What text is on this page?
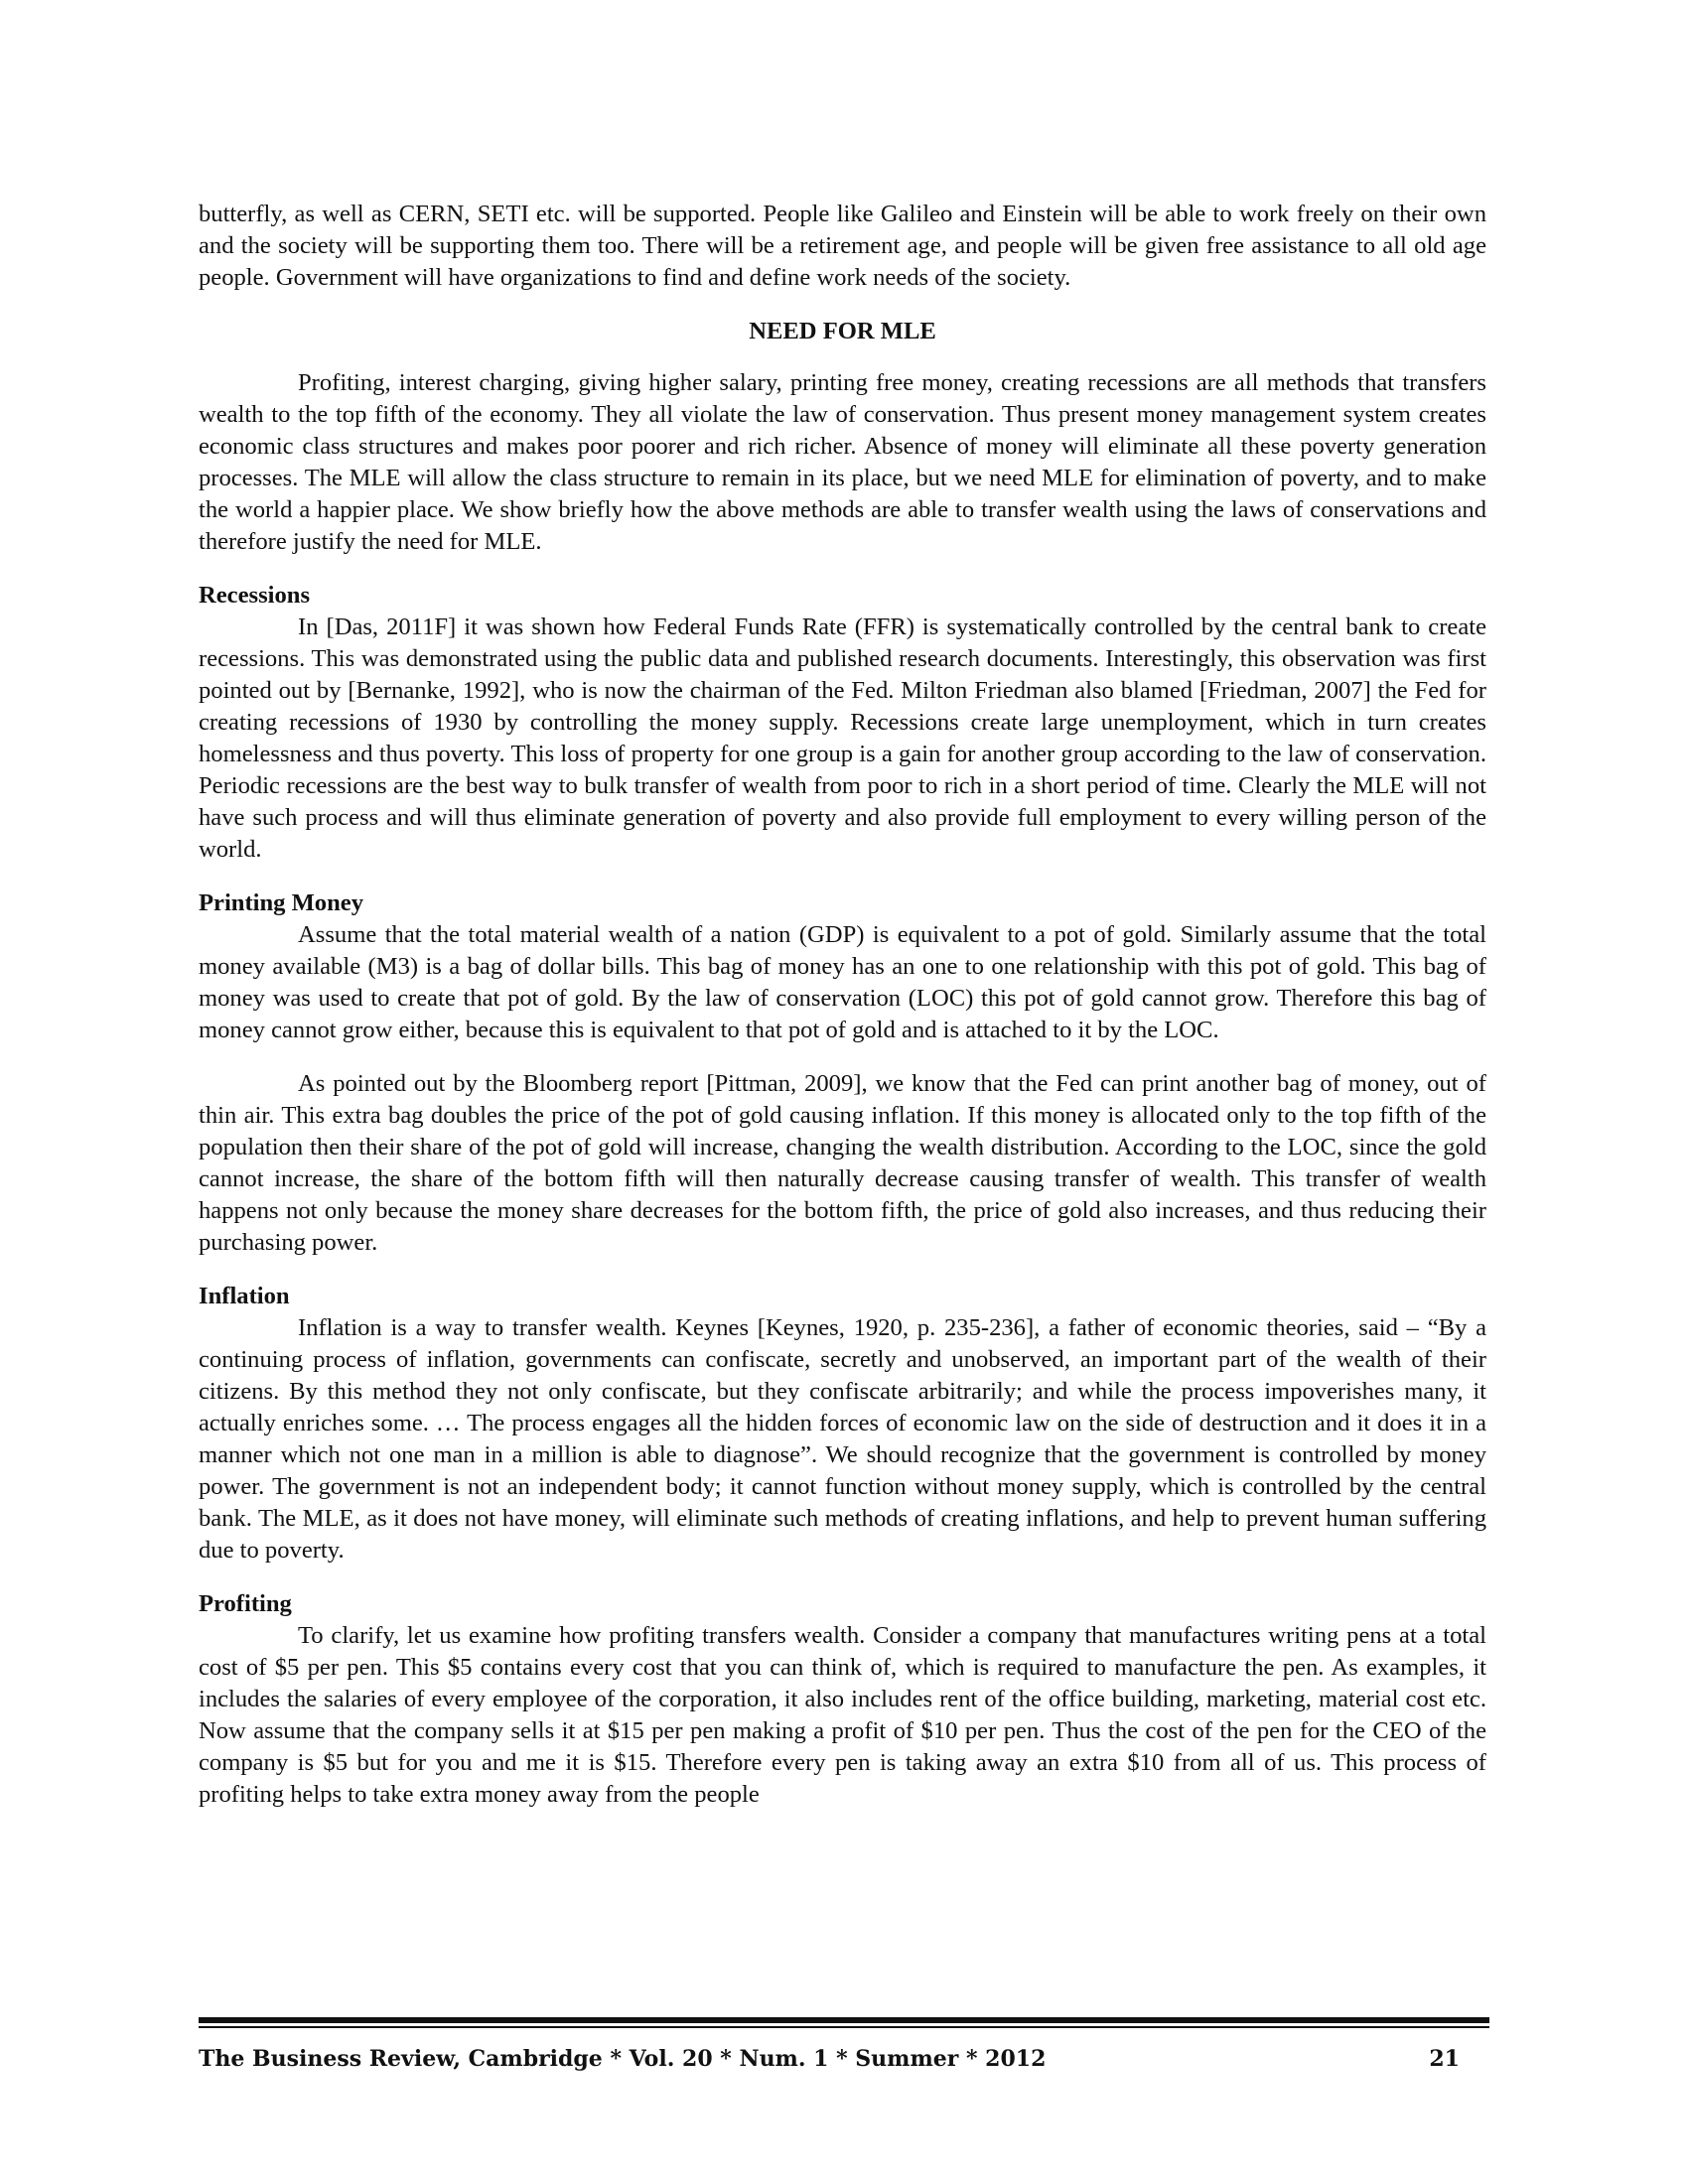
butterfly, as well as CERN, SETI etc. will be supported. People like Galileo and Einstein will be able to work freely on their own and the society will be supporting them too. There will be a retirement age, and people will be given free assistance to all old age people. Government will have organizations to find and define work needs of the society.

NEED FOR MLE

Profiting, interest charging, giving higher salary, printing free money, creating recessions are all methods that transfers wealth to the top fifth of the economy. They all violate the law of conservation. Thus present money management system creates economic class structures and makes poor poorer and rich richer. Absence of money will eliminate all these poverty generation processes. The MLE will allow the class structure to remain in its place, but we need MLE for elimination of poverty, and to make the world a happier place. We show briefly how the above methods are able to transfer wealth using the laws of conservations and therefore justify the need for MLE.

Recessions

In [Das, 2011F] it was shown how Federal Funds Rate (FFR) is systematically controlled by the central bank to create recessions. This was demonstrated using the public data and published research documents. Interestingly, this observation was first pointed out by [Bernanke, 1992], who is now the chairman of the Fed. Milton Friedman also blamed [Friedman, 2007] the Fed for creating recessions of 1930 by controlling the money supply. Recessions create large unemployment, which in turn creates homelessness and thus poverty. This loss of property for one group is a gain for another group according to the law of conservation. Periodic recessions are the best way to bulk transfer of wealth from poor to rich in a short period of time. Clearly the MLE will not have such process and will thus eliminate generation of poverty and also provide full employment to every willing person of the world.

Printing Money

Assume that the total material wealth of a nation (GDP) is equivalent to a pot of gold. Similarly assume that the total money available (M3) is a bag of dollar bills. This bag of money has an one to one relationship with this pot of gold. This bag of money was used to create that pot of gold. By the law of conservation (LOC) this pot of gold cannot grow. Therefore this bag of money cannot grow either, because this is equivalent to that pot of gold and is attached to it by the LOC.

As pointed out by the Bloomberg report [Pittman, 2009], we know that the Fed can print another bag of money, out of thin air. This extra bag doubles the price of the pot of gold causing inflation. If this money is allocated only to the top fifth of the population then their share of the pot of gold will increase, changing the wealth distribution. According to the LOC, since the gold cannot increase, the share of the bottom fifth will then naturally decrease causing transfer of wealth. This transfer of wealth happens not only because the money share decreases for the bottom fifth, the price of gold also increases, and thus reducing their purchasing power.

Inflation

Inflation is a way to transfer wealth. Keynes [Keynes, 1920, p. 235-236], a father of economic theories, said – “By a continuing process of inflation, governments can confiscate, secretly and unobserved, an important part of the wealth of their citizens. By this method they not only confiscate, but they confiscate arbitrarily; and while the process impoverishes many, it actually enriches some. … The process engages all the hidden forces of economic law on the side of destruction and it does it in a manner which not one man in a million is able to diagnose”. We should recognize that the government is controlled by money power. The government is not an independent body; it cannot function without money supply, which is controlled by the central bank. The MLE, as it does not have money, will eliminate such methods of creating inflations, and help to prevent human suffering due to poverty.

Profiting

To clarify, let us examine how profiting transfers wealth. Consider a company that manufactures writing pens at a total cost of $5 per pen. This $5 contains every cost that you can think of, which is required to manufacture the pen. As examples, it includes the salaries of every employee of the corporation, it also includes rent of the office building, marketing, material cost etc. Now assume that the company sells it at $15 per pen making a profit of $10 per pen. Thus the cost of the pen for the CEO of the company is $5 but for you and me it is $15. Therefore every pen is taking away an extra $10 from all of us. This process of profiting helps to take extra money away from the people

The Business Review, Cambridge * Vol. 20 * Num. 1 * Summer * 2012	21
